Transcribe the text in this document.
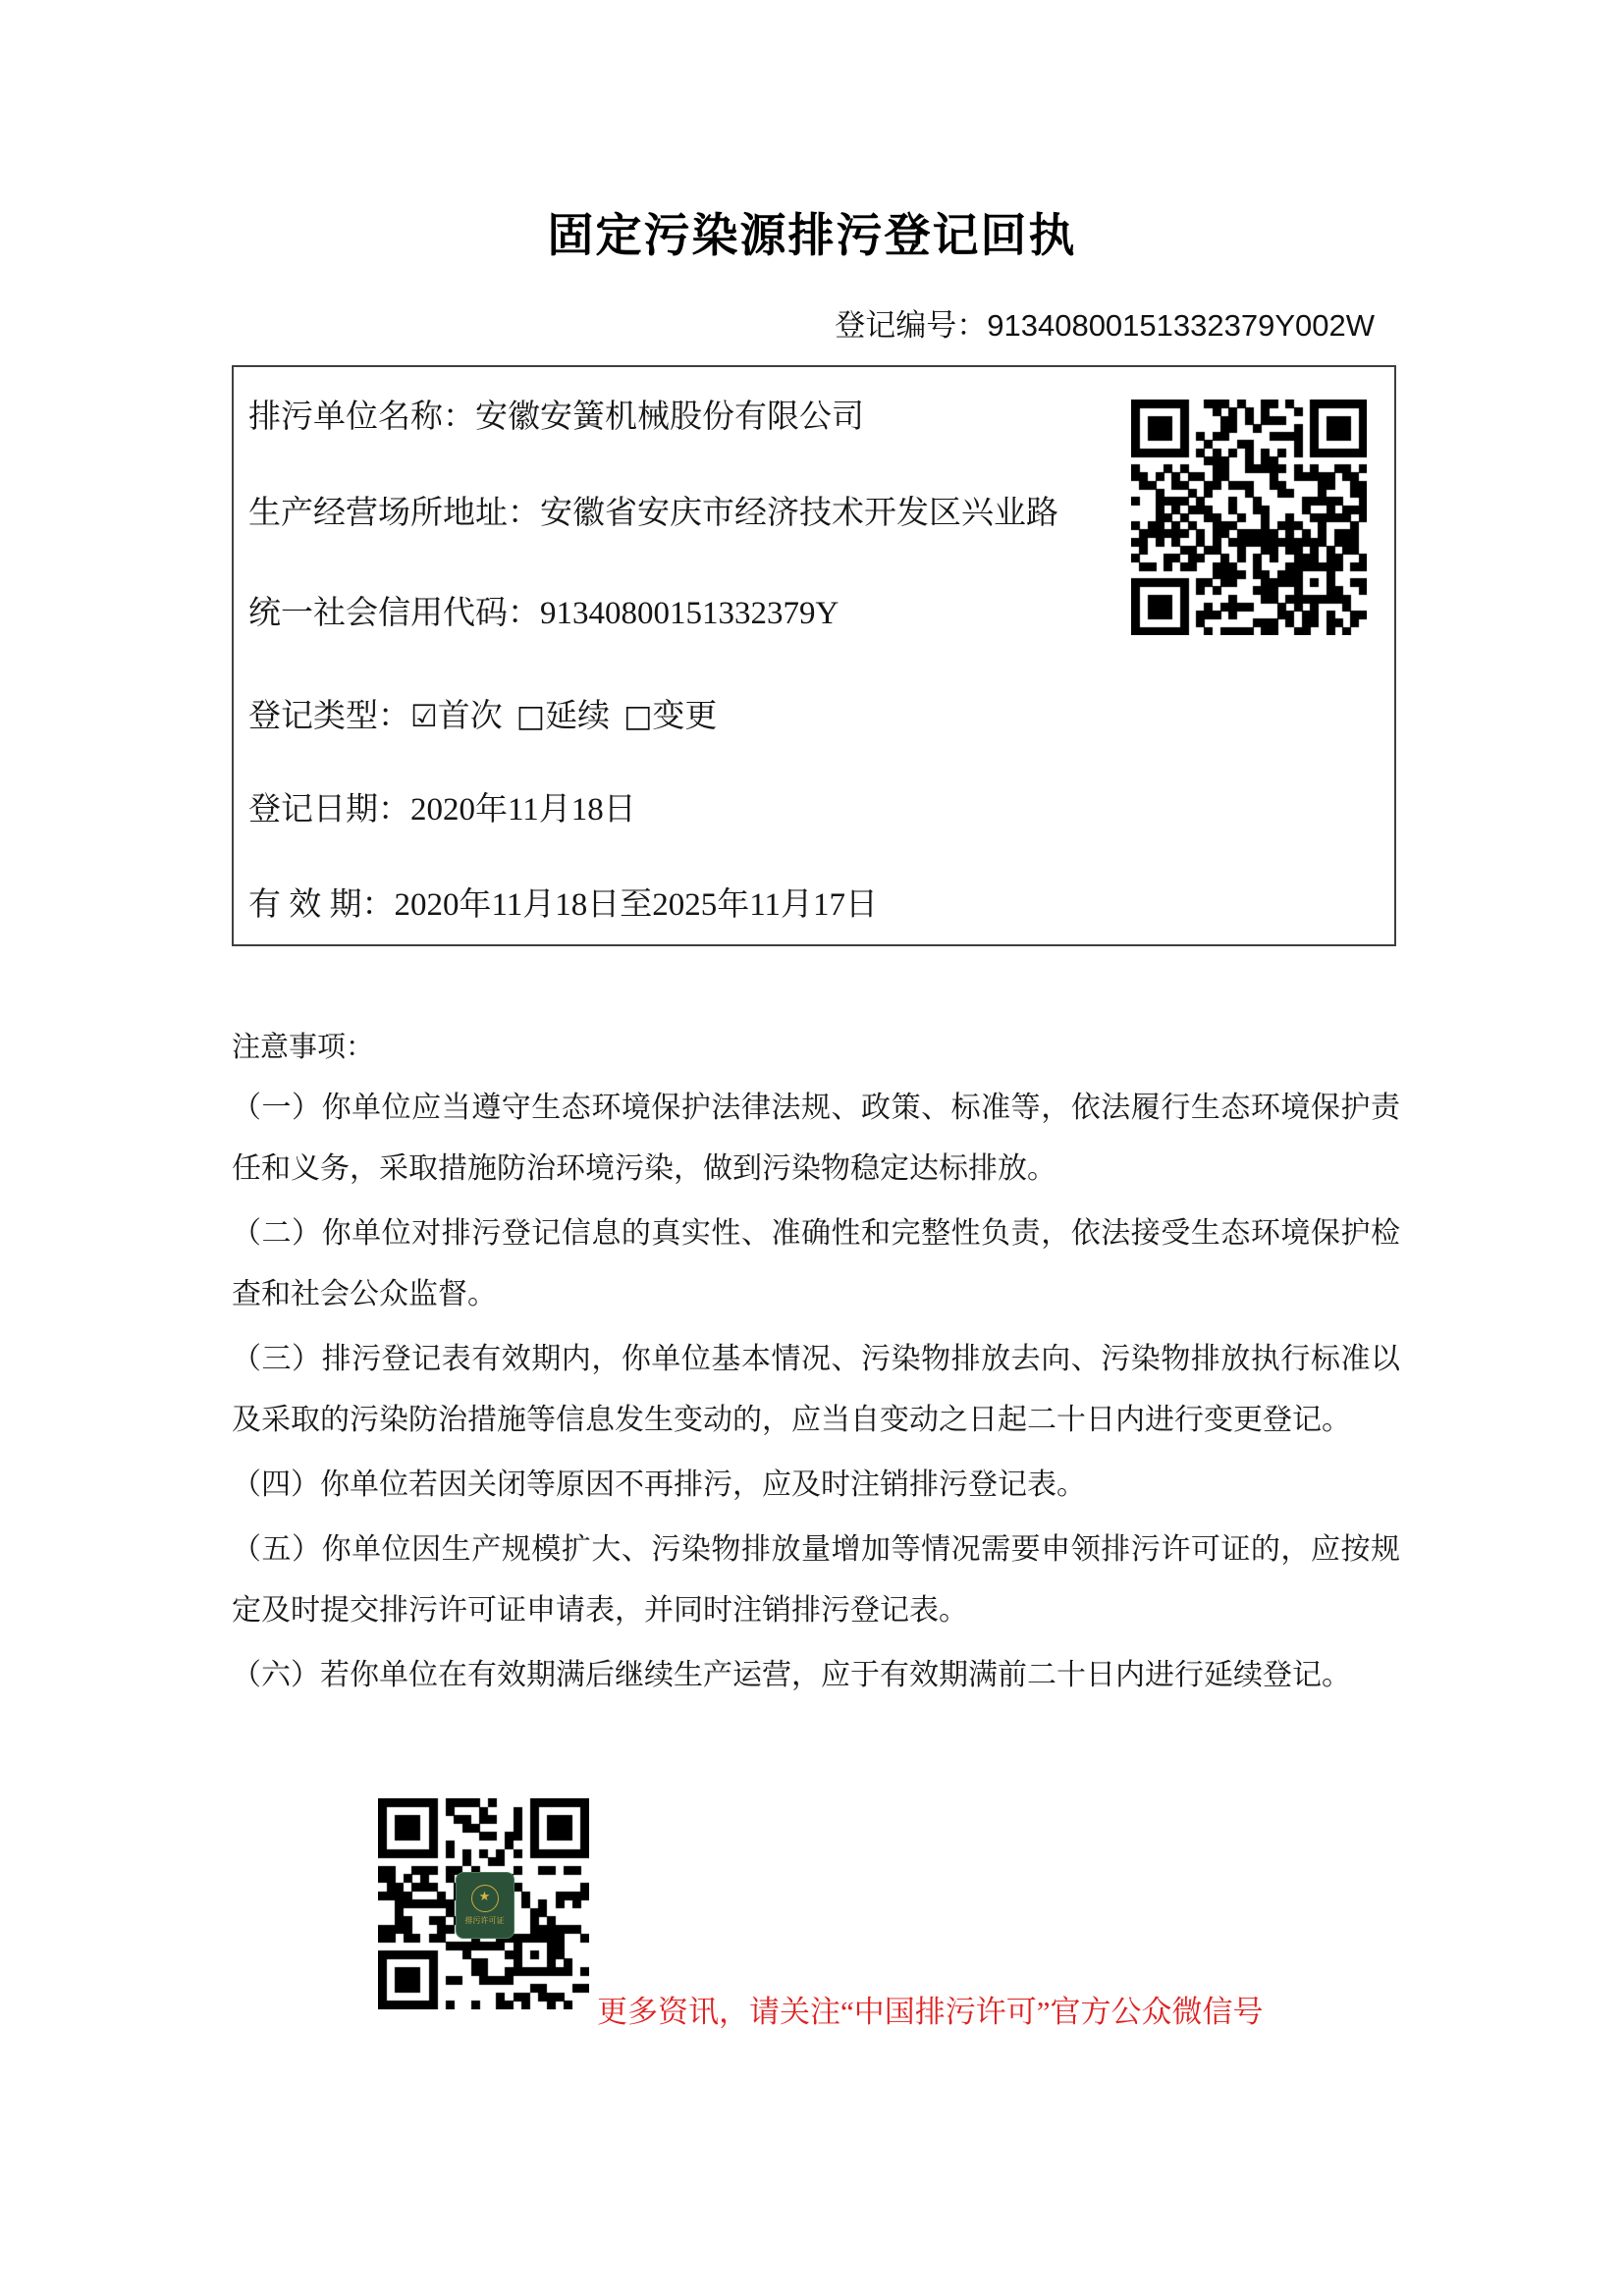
固定污染源排污登记回执
登记编号：91340800151332379Y002W
排污单位名称：安徽安簧机械股份有限公司
生产经营场所地址：安徽省安庆市经济技术开发区兴业路
统一社会信用代码：91340800151332379Y
登记类型：☑首次 □延续 □变更
登记日期：2020年11月18日
有 效 期：2020年11月18日至2025年11月17日
注意事项：

（一）你单位应当遵守生态环境保护法律法规、政策、标准等，依法履行生态环境保护责任和义务，采取措施防治环境污染，做到污染物稳定达标排放。

（二）你单位对排污登记信息的真实性、准确性和完整性负责，依法接受生态环境保护检查和社会公众监督。

（三）排污登记表有效期内，你单位基本情况、污染物排放去向、污染物排放执行标准以及采取的污染防治措施等信息发生变动的，应当自变动之日起二十日内进行变更登记。

（四）你单位若因关闭等原因不再排污，应及时注销排污登记表。

（五）你单位因生产规模扩大、污染物排放量增加等情况需要申领排污许可证的，应按规定及时提交排污许可证申请表，并同时注销排污登记表。

（六）若你单位在有效期满后继续生产运营，应于有效期满前二十日内进行延续登记。

★
排污许可证
更多资讯，请关注“中国排污许可”官方公众微信号
